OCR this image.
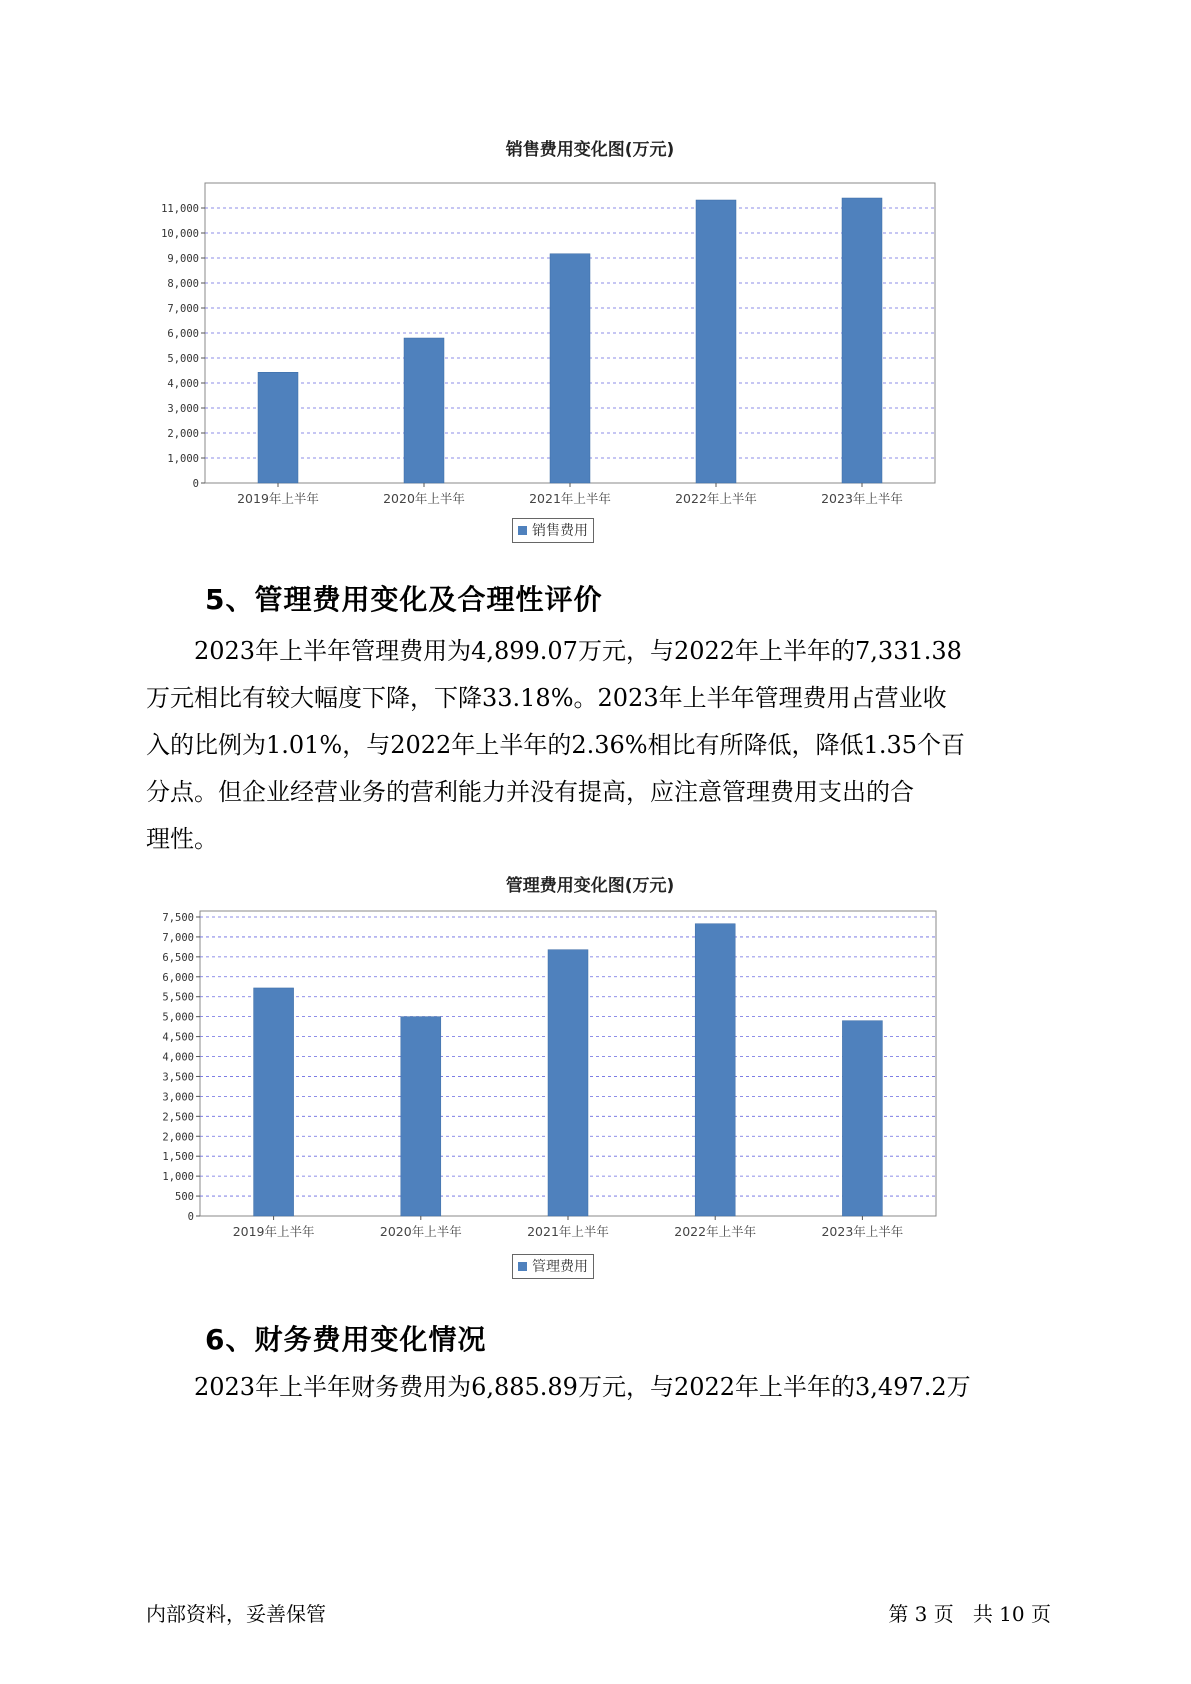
销售费用变化图(万元)
0
1,000
2,000
3,000
4,000
5,000
6,000
7,000
8,000
9,000
10,000
11,000
2019年上半年	2020年上半年	2021年上半年	2022年上半年	2023年上半年
销售费用
5、管理费用变化及合理性评价
2023年上半年管理费用为4,899.07万元，与2022年上半年的7,331.38
万元相比有较大幅度下降，下降33.18%。2023年上半年管理费用占营业收
入的比例为1.01%，与2022年上半年的2.36%相比有所降低，降低1.35个百
分点。但企业经营业务的营利能力并没有提高，应注意管理费用支出的合
理性。
管理费用变化图(万元)
0
500
1,000
1,500
2,000
2,500
3,000
3,500
4,000
4,500
5,000
5,500
6,000
6,500
7,000
7,500
2019年上半年	2020年上半年	2021年上半年	2022年上半年	2023年上半年
管理费用
6、财务费用变化情况
2023年上半年财务费用为6,885.89万元，与2022年上半年的3,497.2万
内部资料，妥善保管	第 3 页   共 10 页
